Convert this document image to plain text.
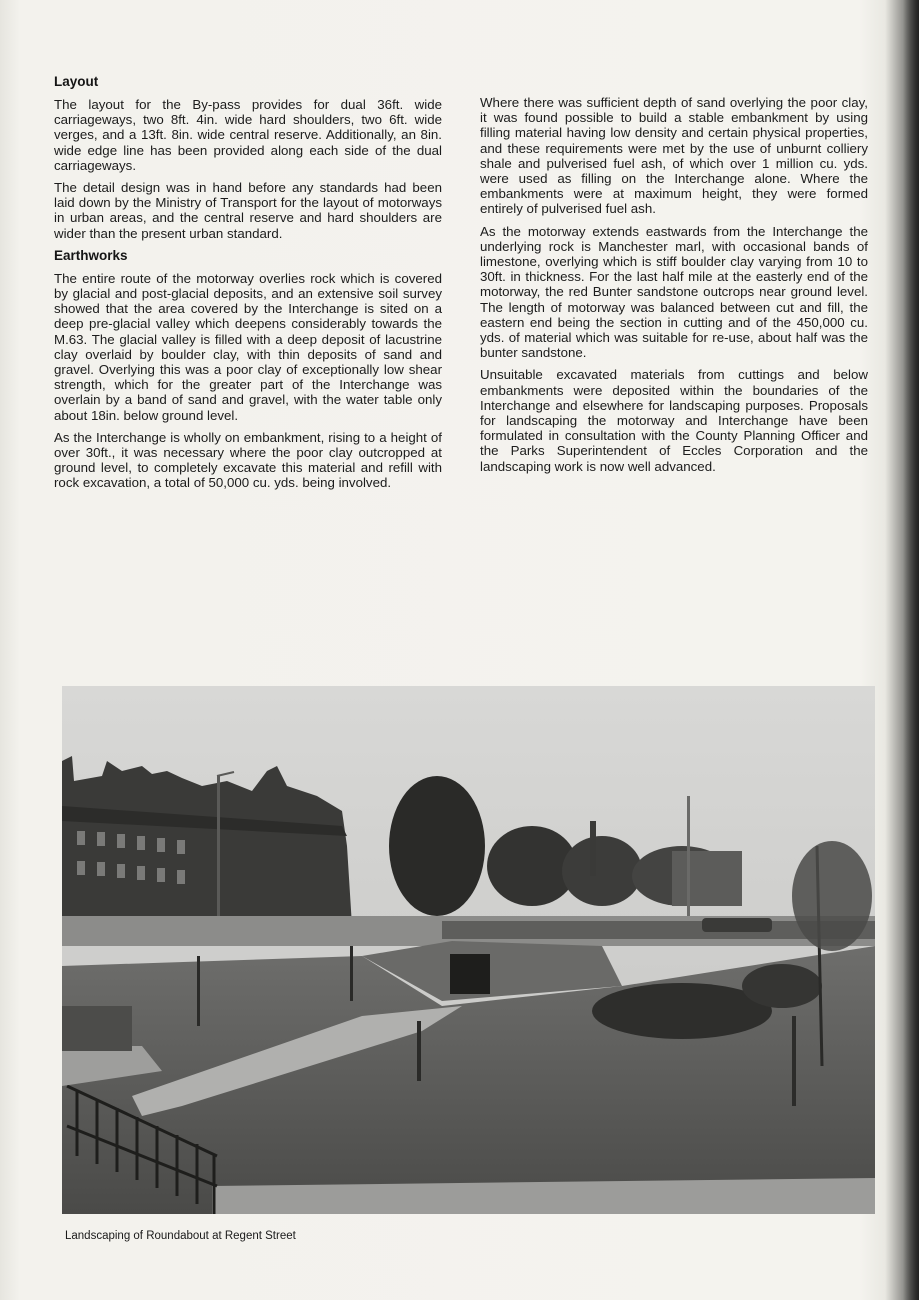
Layout

The layout for the By-pass provides for dual 36ft. wide carriageways, two 8ft. 4in. wide hard shoulders, two 6ft. wide verges, and a 13ft. 8in. wide central reserve. Additionally, an 8in. wide edge line has been provided along each side of the dual carriageways.

The detail design was in hand before any standards had been laid down by the Ministry of Transport for the layout of motorways in urban areas, and the central reserve and hard shoulders are wider than the present urban standard.

Earthworks

The entire route of the motorway overlies rock which is covered by glacial and post-glacial deposits, and an extensive soil survey showed that the area covered by the Interchange is sited on a deep pre-glacial valley which deepens considerably towards the M.63. The glacial valley is filled with a deep deposit of lacustrine clay overlaid by boulder clay, with thin deposits of sand and gravel. Overlying this was a poor clay of exceptionally low shear strength, which for the greater part of the Interchange was overlain by a band of sand and gravel, with the water table only about 18in. below ground level.

As the Interchange is wholly on embankment, rising to a height of over 30ft., it was necessary where the poor clay outcropped at ground level, to completely excavate this material and refill with rock excavation, a total of 50,000 cu. yds. being involved.

Where there was sufficient depth of sand overlying the poor clay, it was found possible to build a stable embankment by using filling material having low density and certain physical properties, and these requirements were met by the use of unburnt colliery shale and pulverised fuel ash, of which over 1 million cu. yds. were used as filling on the Interchange alone. Where the embankments were at maximum height, they were formed entirely of pulverised fuel ash.

As the motorway extends eastwards from the Interchange the underlying rock is Manchester marl, with occasional bands of limestone, overlying which is stiff boulder clay varying from 10 to 30ft. in thickness. For the last half mile at the easterly end of the motorway, the red Bunter sandstone outcrops near ground level. The length of motorway was balanced between cut and fill, the eastern end being the section in cutting and of the 450,000 cu. yds. of material which was suitable for re-use, about half was the bunter sandstone.

Unsuitable excavated materials from cuttings and below embankments were deposited within the boundaries of the Interchange and elsewhere for landscaping purposes. Proposals for landscaping the motorway and Interchange have been formulated in consultation with the County Planning Officer and the Parks Superintendent of Eccles Corporation and the landscaping work is now well advanced.

Landscaping of Roundabout at Regent Street
